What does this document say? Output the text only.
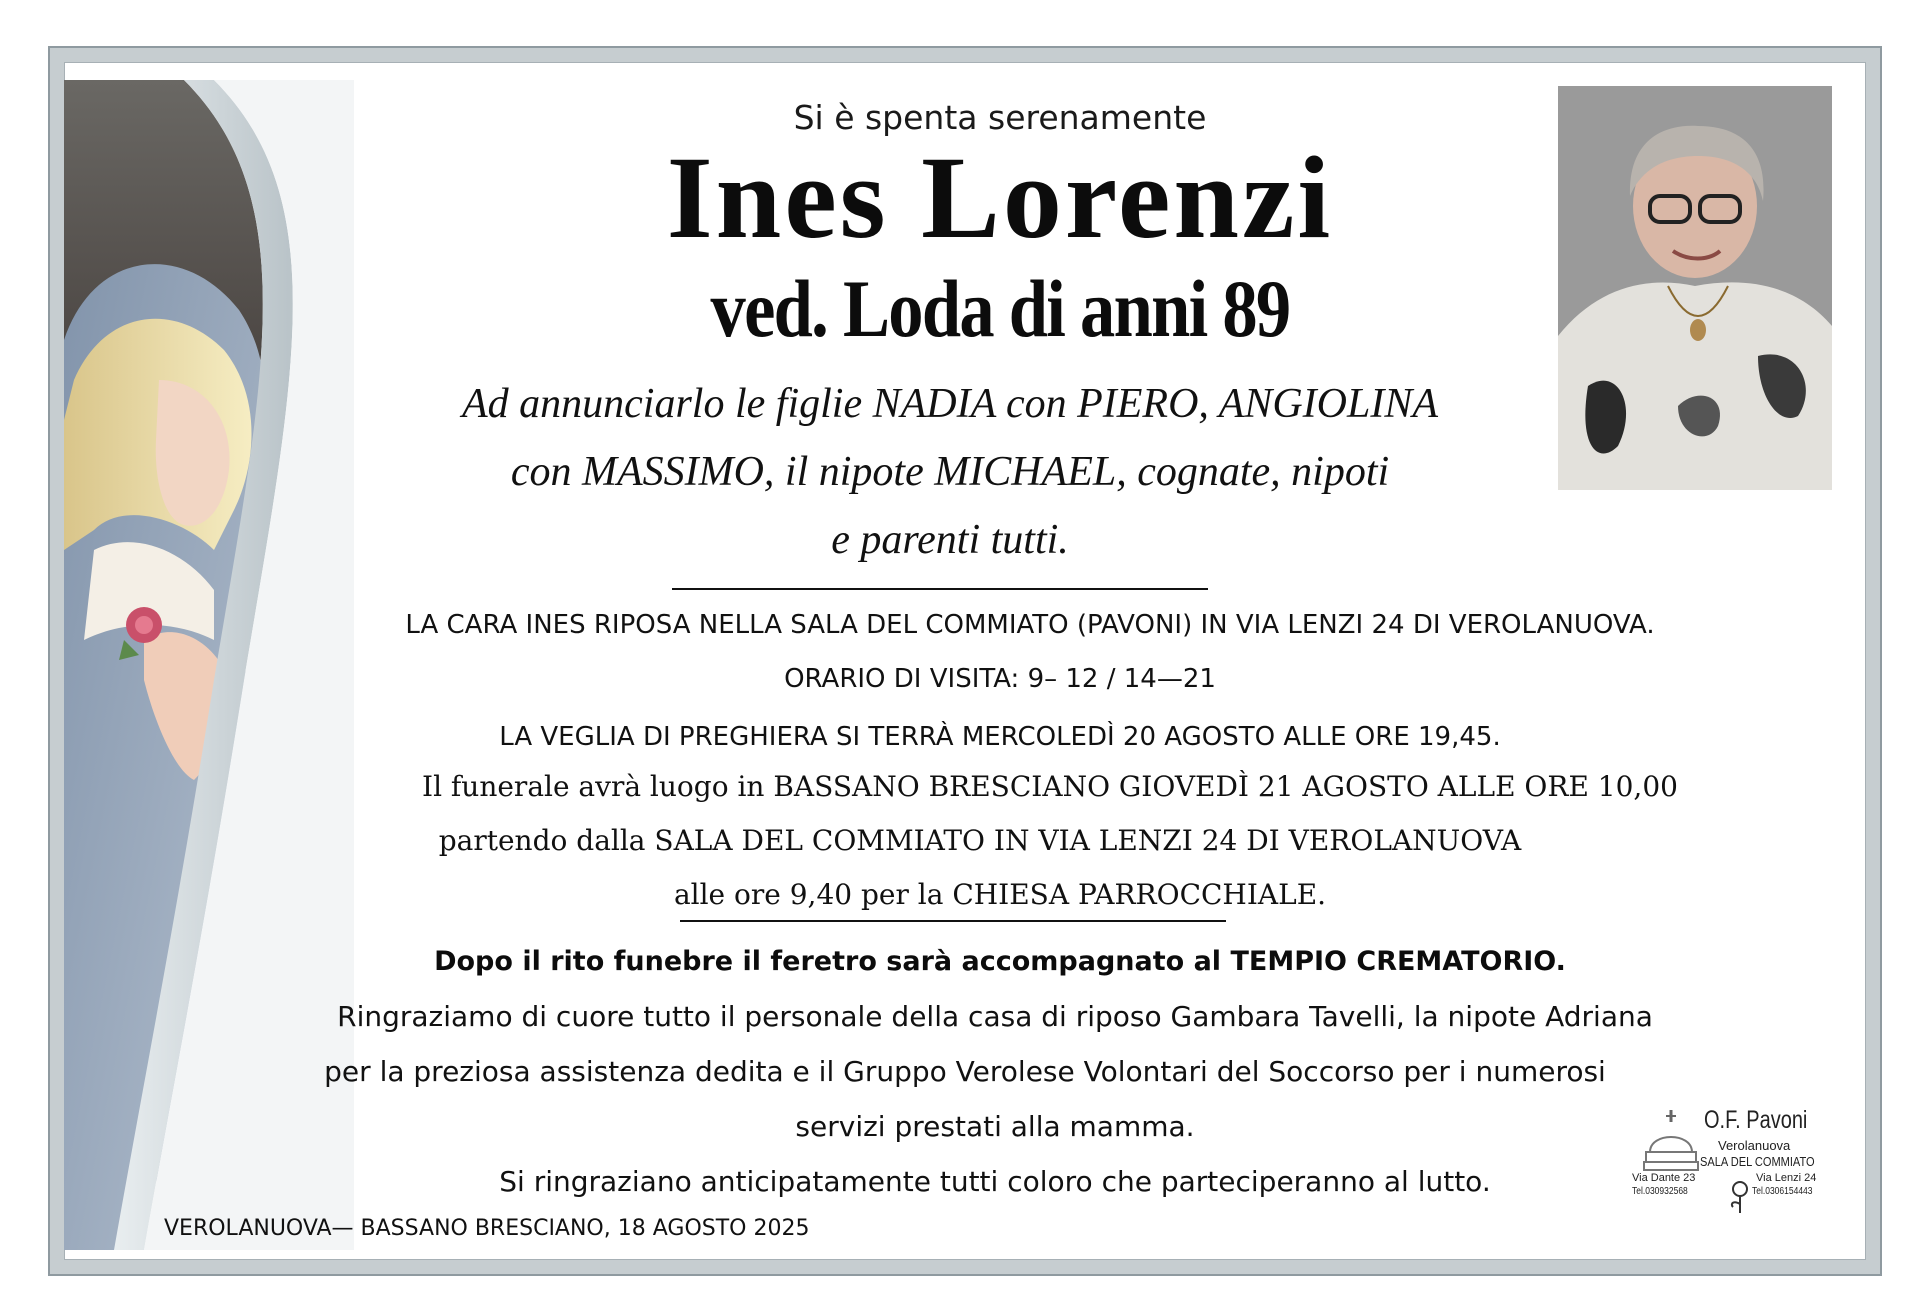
Si è spenta serenamente
Ines Lorenzi
ved. Loda di anni 89
Ad annunciarlo le figlie NADIA con PIERO, ANGIOLINA
con MASSIMO, il nipote MICHAEL, cognate, nipoti
e parenti tutti.
LA CARA INES RIPOSA NELLA SALA DEL COMMIATO (PAVONI) IN VIA LENZI 24 DI VEROLANUOVA.
ORARIO DI VISITA: 9– 12 / 14—21
LA VEGLIA DI PREGHIERA SI TERRÀ MERCOLEDÌ 20 AGOSTO ALLE ORE 19,45.
Il funerale avrà luogo in BASSANO BRESCIANO GIOVEDÌ 21 AGOSTO ALLE ORE 10,00
partendo dalla SALA DEL COMMIATO IN VIA LENZI 24 DI VEROLANUOVA
alle ore 9,40 per la CHIESA PARROCCHIALE.
Dopo il rito funebre il feretro sarà accompagnato al TEMPIO CREMATORIO.
Ringraziamo di cuore tutto il personale della casa di riposo Gambara Tavelli, la nipote Adriana
per la preziosa assistenza dedita e il Gruppo Verolese Volontari del Soccorso per i numerosi
servizi prestati alla mamma.
Si ringraziano anticipatamente tutti coloro che parteciperanno al lutto.
VEROLANUOVA— BASSANO BRESCIANO, 18 AGOSTO 2025
O.F. Pavoni
Verolanuova
SALA DEL COMMIATO
Via Dante 23
Tel.030932568
Via Lenzi 24
Tel.0306154443
